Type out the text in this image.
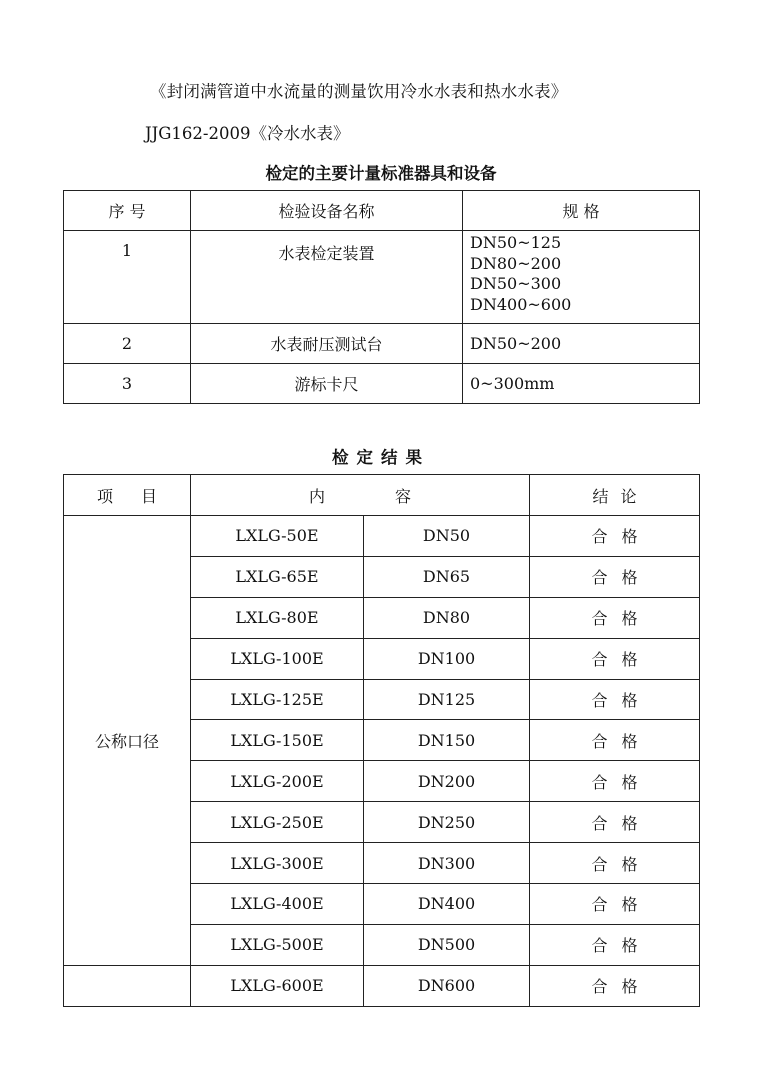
《封闭满管道中水流量的测量饮用冷水水表和热水水表》
JJG162-2009《冷水水表》
检定的主要计量标准器具和设备
序 号	检验设备名称	规 格
1	水表检定装置	DN50~125
DN80~200
DN50~300
DN400~600

2	水表耐压测试台	DN50~200
3	游标卡尺	0~300mm
检定结果
项目	内容		结论
公称口径	LXLG-50E	DN50	合格
	LXLG-65E	DN65	合格
	LXLG-80E	DN80	合格
	LXLG-100E	DN100	合格
	LXLG-125E	DN125	合格
	LXLG-150E	DN150	合格
	LXLG-200E	DN200	合格
	LXLG-250E	DN250	合格
	LXLG-300E	DN300	合格
	LXLG-400E	DN400	合格
	LXLG-500E	DN500	合格
	LXLG-600E	DN600	合格
